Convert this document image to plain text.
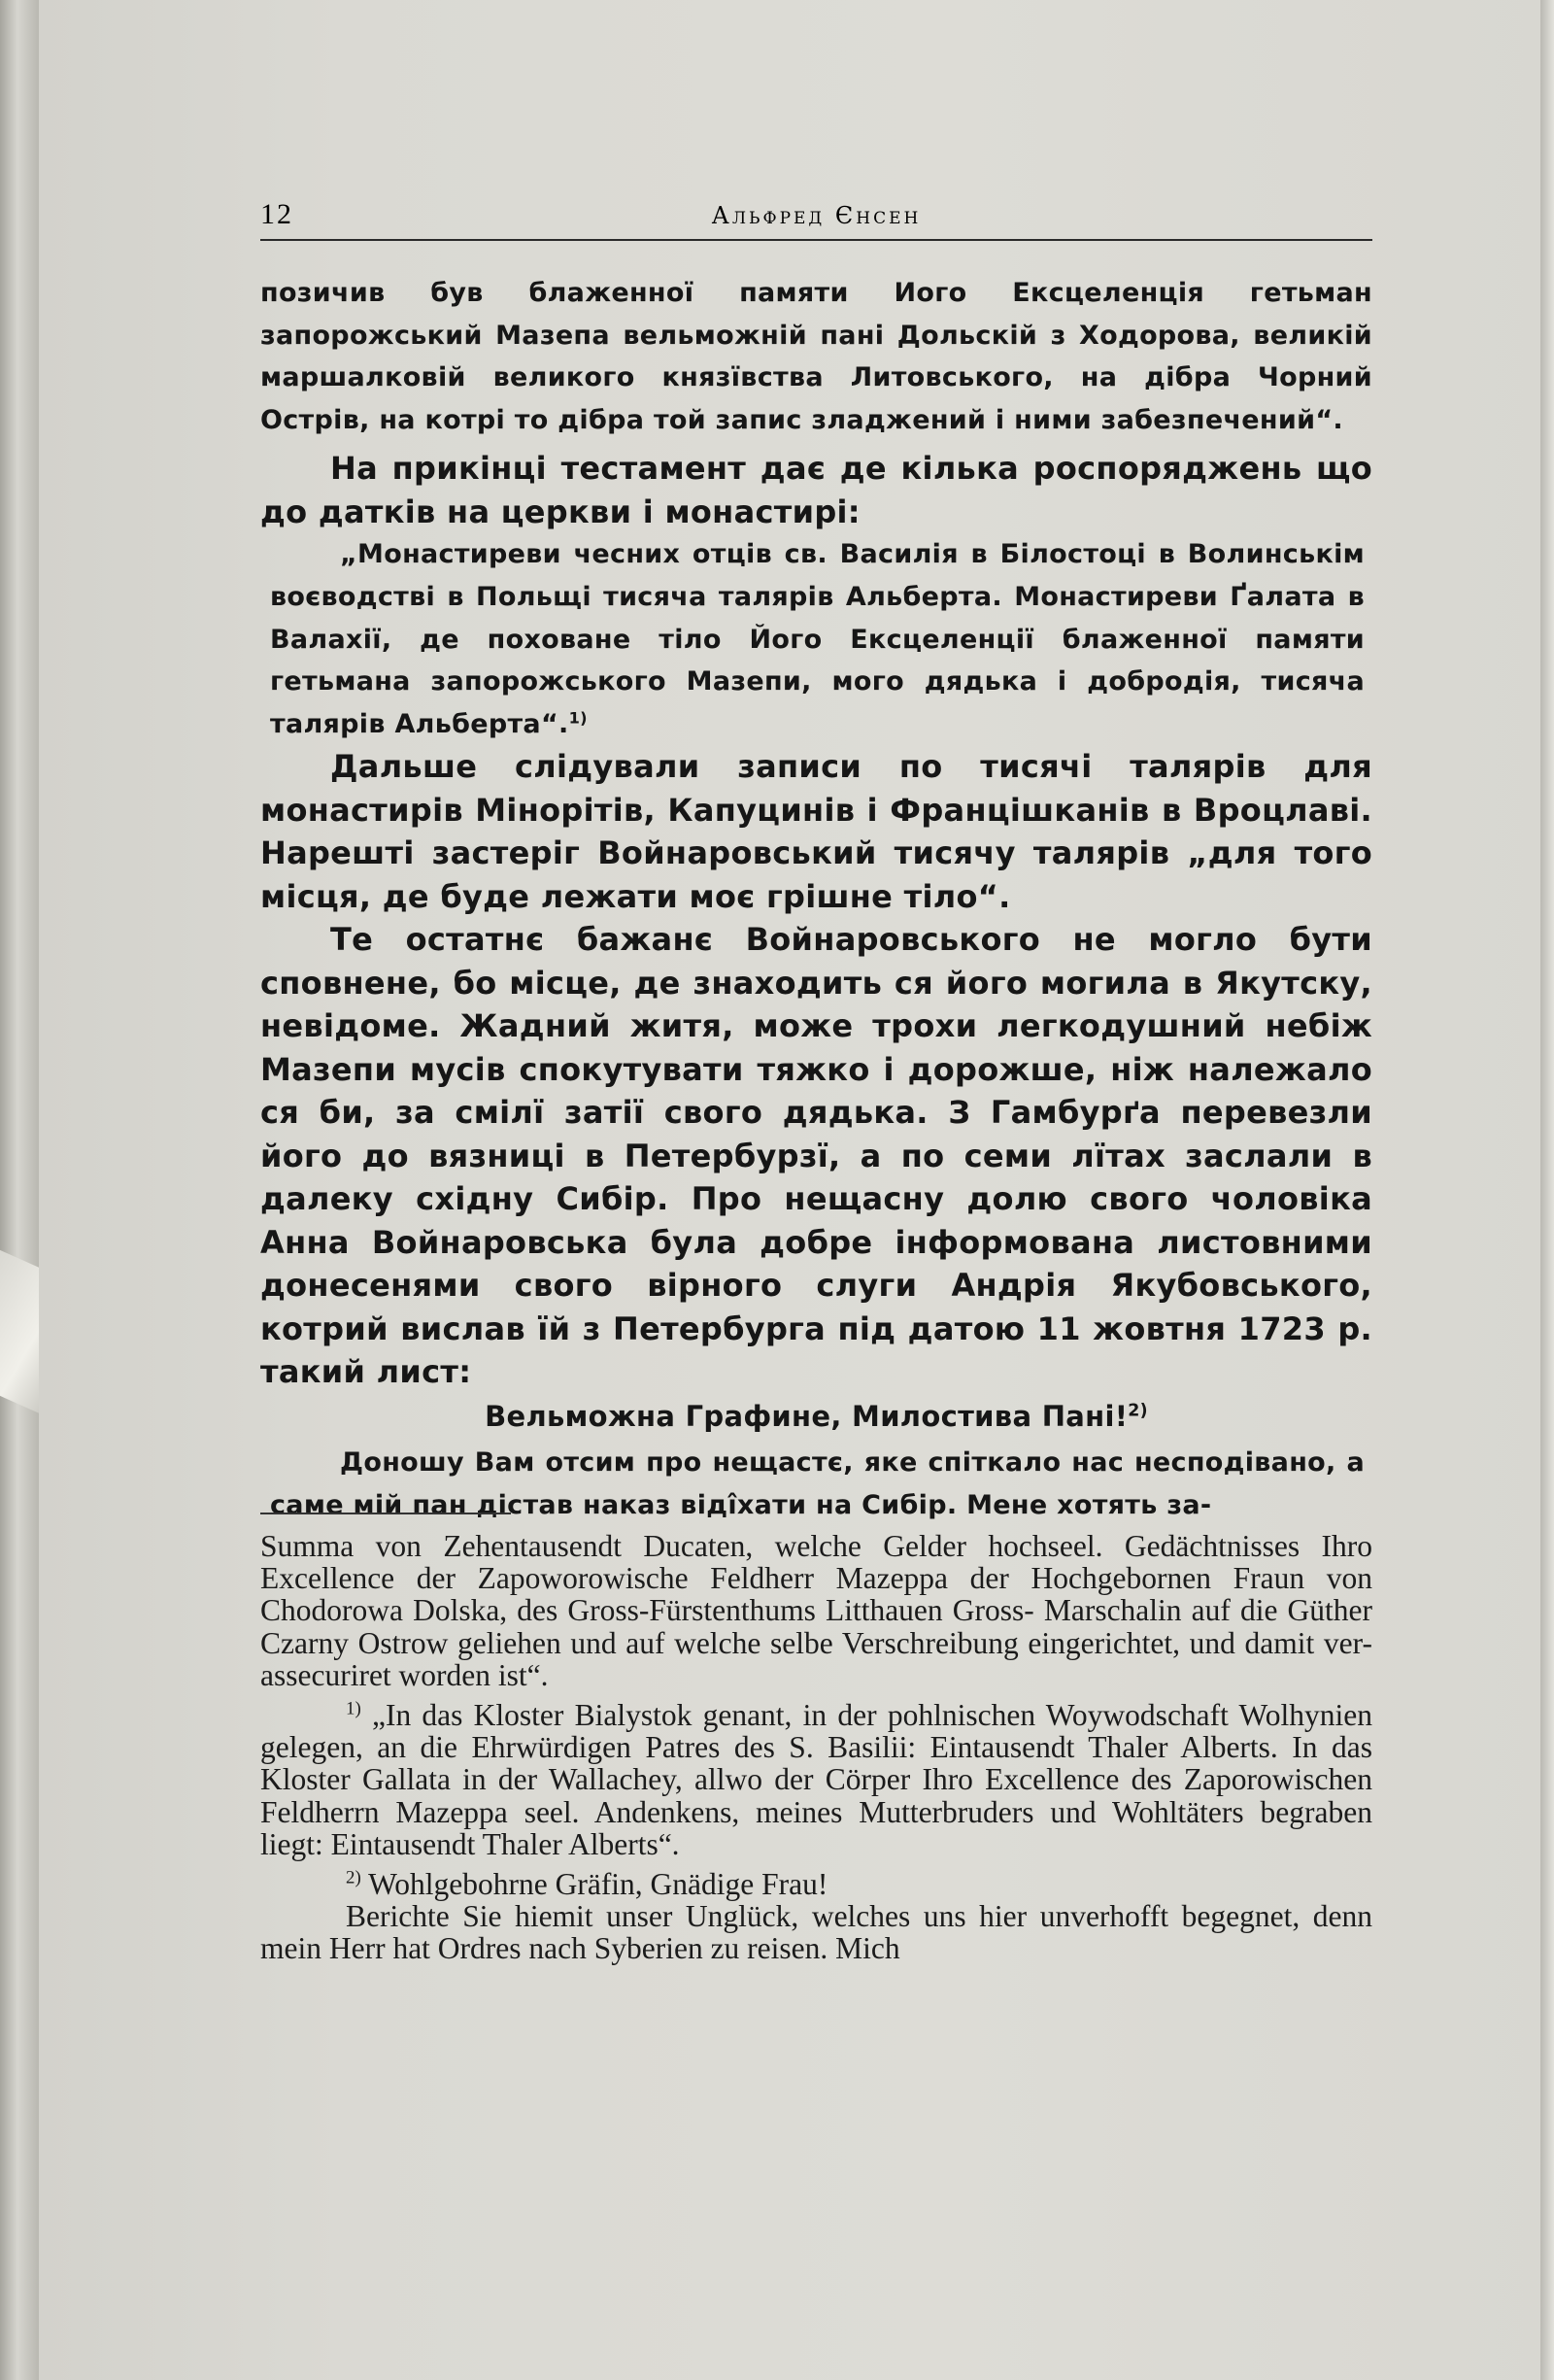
12	Альфред Єнсен

позичив був блаженної памяти Иого Ексцеленція гетьман запорожський Мазепа вельможній пані Дольскій з Ходорова, великій маршалковій великого князївства Литовського, на дібра Чорний Острів, на котрі то дібра той запис зладжений і ними забезпечений“.

На прикінці тестамент дає де кілька роспоряджень що до датків на церкви і монастирі:

„Монастиреви чесних отців св. Василія в Білостоці в Волинськім воєводстві в Польщі тисяча талярів Альберта. Монастиреви Ґалата в Валахії, де поховане тіло Його Ексцеленції блаженної памяти гетьмана запорожського Мазепи, мого дядька і добродія, тисяча талярів Альберта“.$^{1)}$

Дальше слідували записи по тисячі талярів для монастирів Мінорітів, Капуцинів і Францішканів в Вроцлаві. Нарешті застеріг Войнаровський тисячу талярів „для того місця, де буде лежати моє грішне тіло“.

Те остатнє бажанє Войнаровського не могло бути сповнене, бо місце, де знаходить ся його могила в Якутску, невідоме. Жадний житя, може трохи легкодушний небіж Мазепи мусів спокутувати тяжко і дорожше, ніж належало ся би, за смілї затії свого дядька. З Гамбурґа перевезли його до вязниці в Петербурзї, а по семи лїтах заслали в далеку східну Сибір. Про нещасну долю свого чоловіка Анна Войнаровська була добре інформована листовними донесенями свого вірного слуги Андрія Якубовського, котрий вислав їй з Петербурга під датою 11 жовтня 1723 р. такий лист:

Вельможна Графине, Милостива Пані!$^{2)}$

Доношу Вам отсим про нещастє, яке спіткало нас несподівано, а саме мій пан дістав наказ віді̂хати на Сибір. Мене хотять за-

Summa von Zehentausendt Ducaten, welche Gelder hochseel. Gedächtnisses Ihro Excellence der Zapoworowische Feldherr Mazeppa der Hochgebornen Fraun von Chodorowa Dolska, des Gross-Fürstenthums Litthauen Gross- Marschalin auf die Güther Czarny Ostrow geliehen und auf welche selbe Verschreibung eingerichtet, und damit ver- assecuriret worden ist“.

$^{1)}$ „In das Kloster Bialystok genant, in der pohlnischen Woywodschaft Wolhynien gelegen, an die Ehrwürdigen Patres des S. Basilii: Eintausendt Thaler Alberts. In das Kloster Gallata in der Wallachey, allwo der Cörper Ihro Excellence des Zaporowischen Feldherrn Mazeppa seel. Andenkens, meines Mutterbruders und Wohltäters begraben liegt: Eintausendt Thaler Alberts“.

$^{2)}$ Wohlgebohrne Gräfin, Gnädige Frau!

Berichte Sie hiemit unser Unglück, welches uns hier unverhofft begegnet, denn mein Herr hat Ordres nach Syberien zu reisen. Mich
